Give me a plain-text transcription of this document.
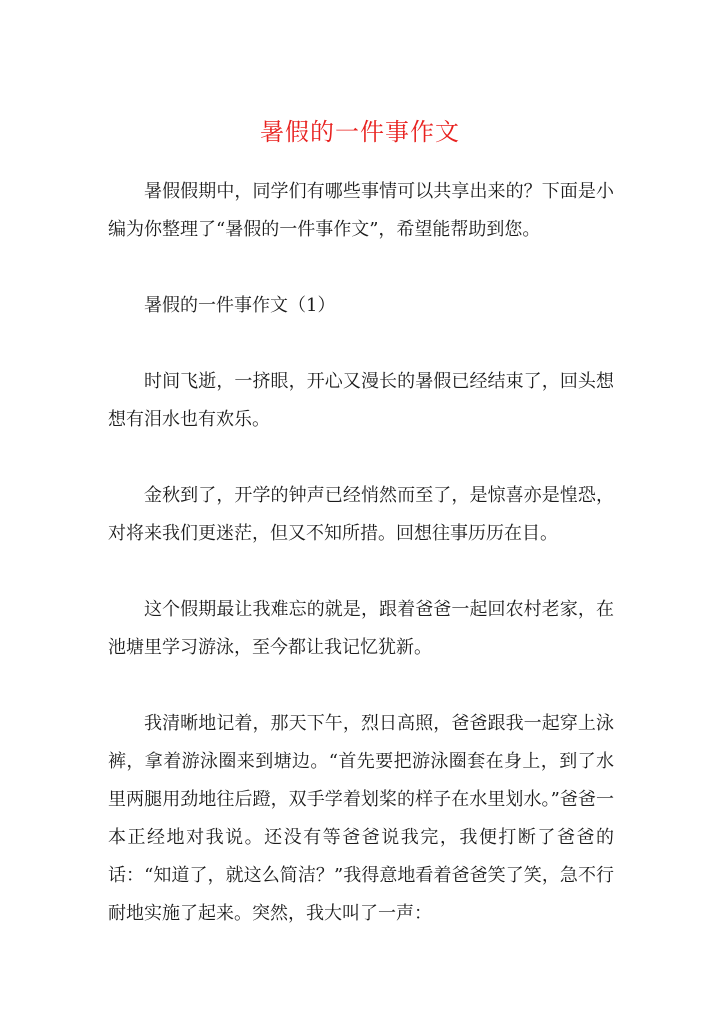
暑假的一件事作文

暑假假期中，同学们有哪些事情可以共享出来的？下面是小编为你整理了“暑假的一件事作文”，希望能帮助到您。

暑假的一件事作文（1）

时间飞逝，一挤眼，开心又漫长的暑假已经结束了，回头想想有泪水也有欢乐。

金秋到了，开学的钟声已经悄然而至了，是惊喜亦是惶恐，对将来我们更迷茫，但又不知所措。回想往事历历在目。

这个假期最让我难忘的就是，跟着爸爸一起回农村老家，在池塘里学习游泳，至今都让我记忆犹新。

我清晰地记着，那天下午，烈日高照，爸爸跟我一起穿上泳裤，拿着游泳圈来到塘边。“首先要把游泳圈套在身上，到了水里两腿用劲地往后蹬，双手学着划桨的样子在水里划水。”爸爸一本正经地对我说。还没有等爸爸说我完，我便打断了爸爸的话：“知道了，就这么简洁？”我得意地看着爸爸笑了笑，急不行耐地实施了起来。突然，我大叫了一声：
